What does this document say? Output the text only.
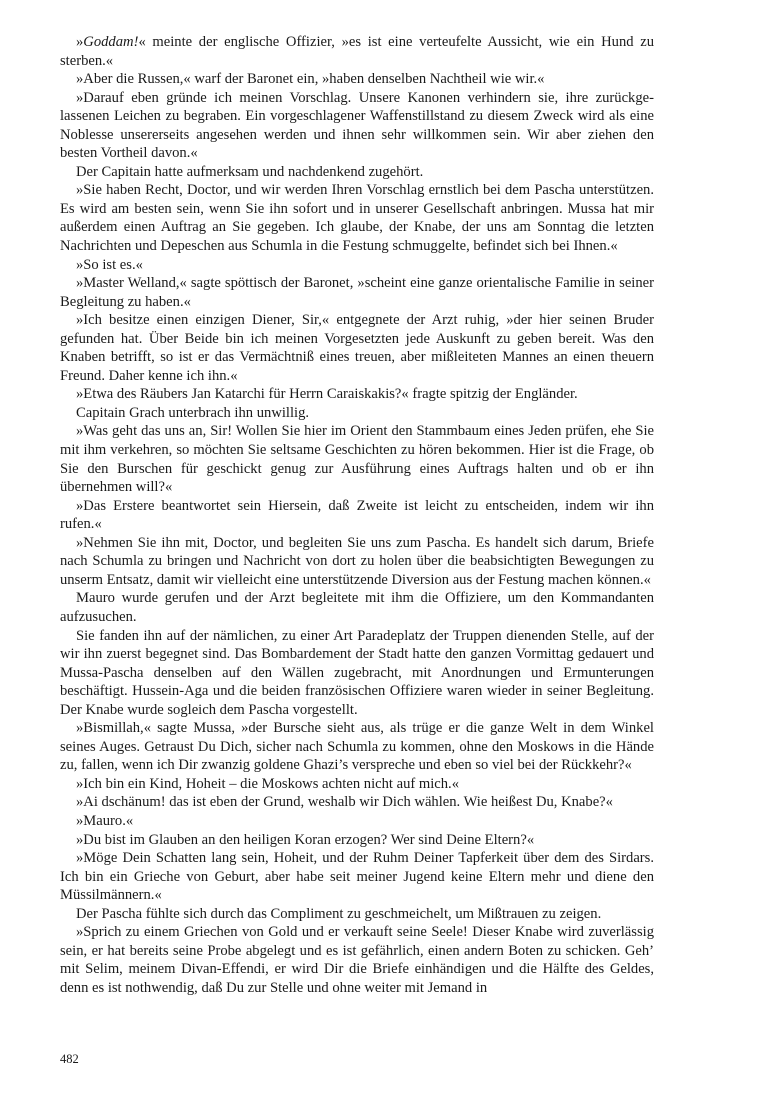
»Goddam!« meinte der englische Offizier, »es ist eine verteufelte Aussicht, wie ein Hund zu sterben.«

»Aber die Russen,« warf der Baronet ein, »haben denselben Nachtheil wie wir.«

»Darauf eben gründe ich meinen Vorschlag. Unsere Kanonen verhindern sie, ihre zurückgelassenen Leichen zu begraben. Ein vorgeschlagener Waffenstillstand zu diesem Zweck wird als eine Noblesse unsererseits angesehen werden und ihnen sehr willkommen sein. Wir aber ziehen den besten Vortheil davon.«

Der Capitain hatte aufmerksam und nachdenkend zugehört.

»Sie haben Recht, Doctor, und wir werden Ihren Vorschlag ernstlich bei dem Pascha unterstützen. Es wird am besten sein, wenn Sie ihn sofort und in unserer Gesellschaft anbringen. Mussa hat mir außerdem einen Auftrag an Sie gegeben. Ich glaube, der Knabe, der uns am Sonntag die letzten Nachrichten und Depeschen aus Schumla in die Festung schmuggelte, befindet sich bei Ihnen.«

»So ist es.«

»Master Welland,« sagte spöttisch der Baronet, »scheint eine ganze orientalische Familie in seiner Begleitung zu haben.«

»Ich besitze einen einzigen Diener, Sir,« entgegnete der Arzt ruhig, »der hier seinen Bruder gefunden hat. Über Beide bin ich meinen Vorgesetzten jede Auskunft zu geben bereit. Was den Knaben betrifft, so ist er das Vermächtniß eines treuen, aber mißleiteten Mannes an einen theuern Freund. Daher kenne ich ihn.«

»Etwa des Räubers Jan Katarchi für Herrn Caraiskakis?« fragte spitzig der Engländer.

Capitain Grach unterbrach ihn unwillig.

»Was geht das uns an, Sir! Wollen Sie hier im Orient den Stammbaum eines Jeden prüfen, ehe Sie mit ihm verkehren, so möchten Sie seltsame Geschichten zu hören bekommen. Hier ist die Frage, ob Sie den Burschen für geschickt genug zur Ausführung eines Auftrags halten und ob er ihn übernehmen will?«

»Das Erstere beantwortet sein Hiersein, daß Zweite ist leicht zu entscheiden, indem wir ihn rufen.«

»Nehmen Sie ihn mit, Doctor, und begleiten Sie uns zum Pascha. Es handelt sich darum, Briefe nach Schumla zu bringen und Nachricht von dort zu holen über die beabsichtigten Bewegungen zu unserm Entsatz, damit wir vielleicht eine unterstützende Diversion aus der Festung machen können.«

Mauro wurde gerufen und der Arzt begleitete mit ihm die Offiziere, um den Kommandanten aufzusuchen.

Sie fanden ihn auf der nämlichen, zu einer Art Paradeplatz der Truppen dienenden Stelle, auf der wir ihn zuerst begegnet sind. Das Bombardement der Stadt hatte den ganzen Vormittag gedauert und Mussa-Pascha denselben auf den Wällen zugebracht, mit Anordnungen und Ermunterungen beschäftigt. Hussein-Aga und die beiden französischen Offiziere waren wieder in seiner Begleitung. Der Knabe wurde sogleich dem Pascha vorgestellt.

»Bismillah,« sagte Mussa, »der Bursche sieht aus, als trüge er die ganze Welt in dem Winkel seines Auges. Getraust Du Dich, sicher nach Schumla zu kommen, ohne den Moskows in die Hände zu, fallen, wenn ich Dir zwanzig goldene Ghazi’s verspreche und eben so viel bei der Rückkehr?«

»Ich bin ein Kind, Hoheit – die Moskows achten nicht auf mich.«

»Ai dschänum! das ist eben der Grund, weshalb wir Dich wählen. Wie heißest Du, Knabe?«

»Mauro.«

»Du bist im Glauben an den heiligen Koran erzogen? Wer sind Deine Eltern?«

»Möge Dein Schatten lang sein, Hoheit, und der Ruhm Deiner Tapferkeit über dem des Sirdars. Ich bin ein Grieche von Geburt, aber habe seit meiner Jugend keine Eltern mehr und diene den Müssilmännern.«

Der Pascha fühlte sich durch das Compliment zu geschmeichelt, um Mißtrauen zu zeigen.

»Sprich zu einem Griechen von Gold und er verkauft seine Seele! Dieser Knabe wird zuverlässig sein, er hat bereits seine Probe abgelegt und es ist gefährlich, einen andern Boten zu schicken. Geh’ mit Selim, meinem Divan-Effendi, er wird Dir die Briefe einhändigen und die Hälfte des Geldes, denn es ist nothwendig, daß Du zur Stelle und ohne weiter mit Jemand in

482
